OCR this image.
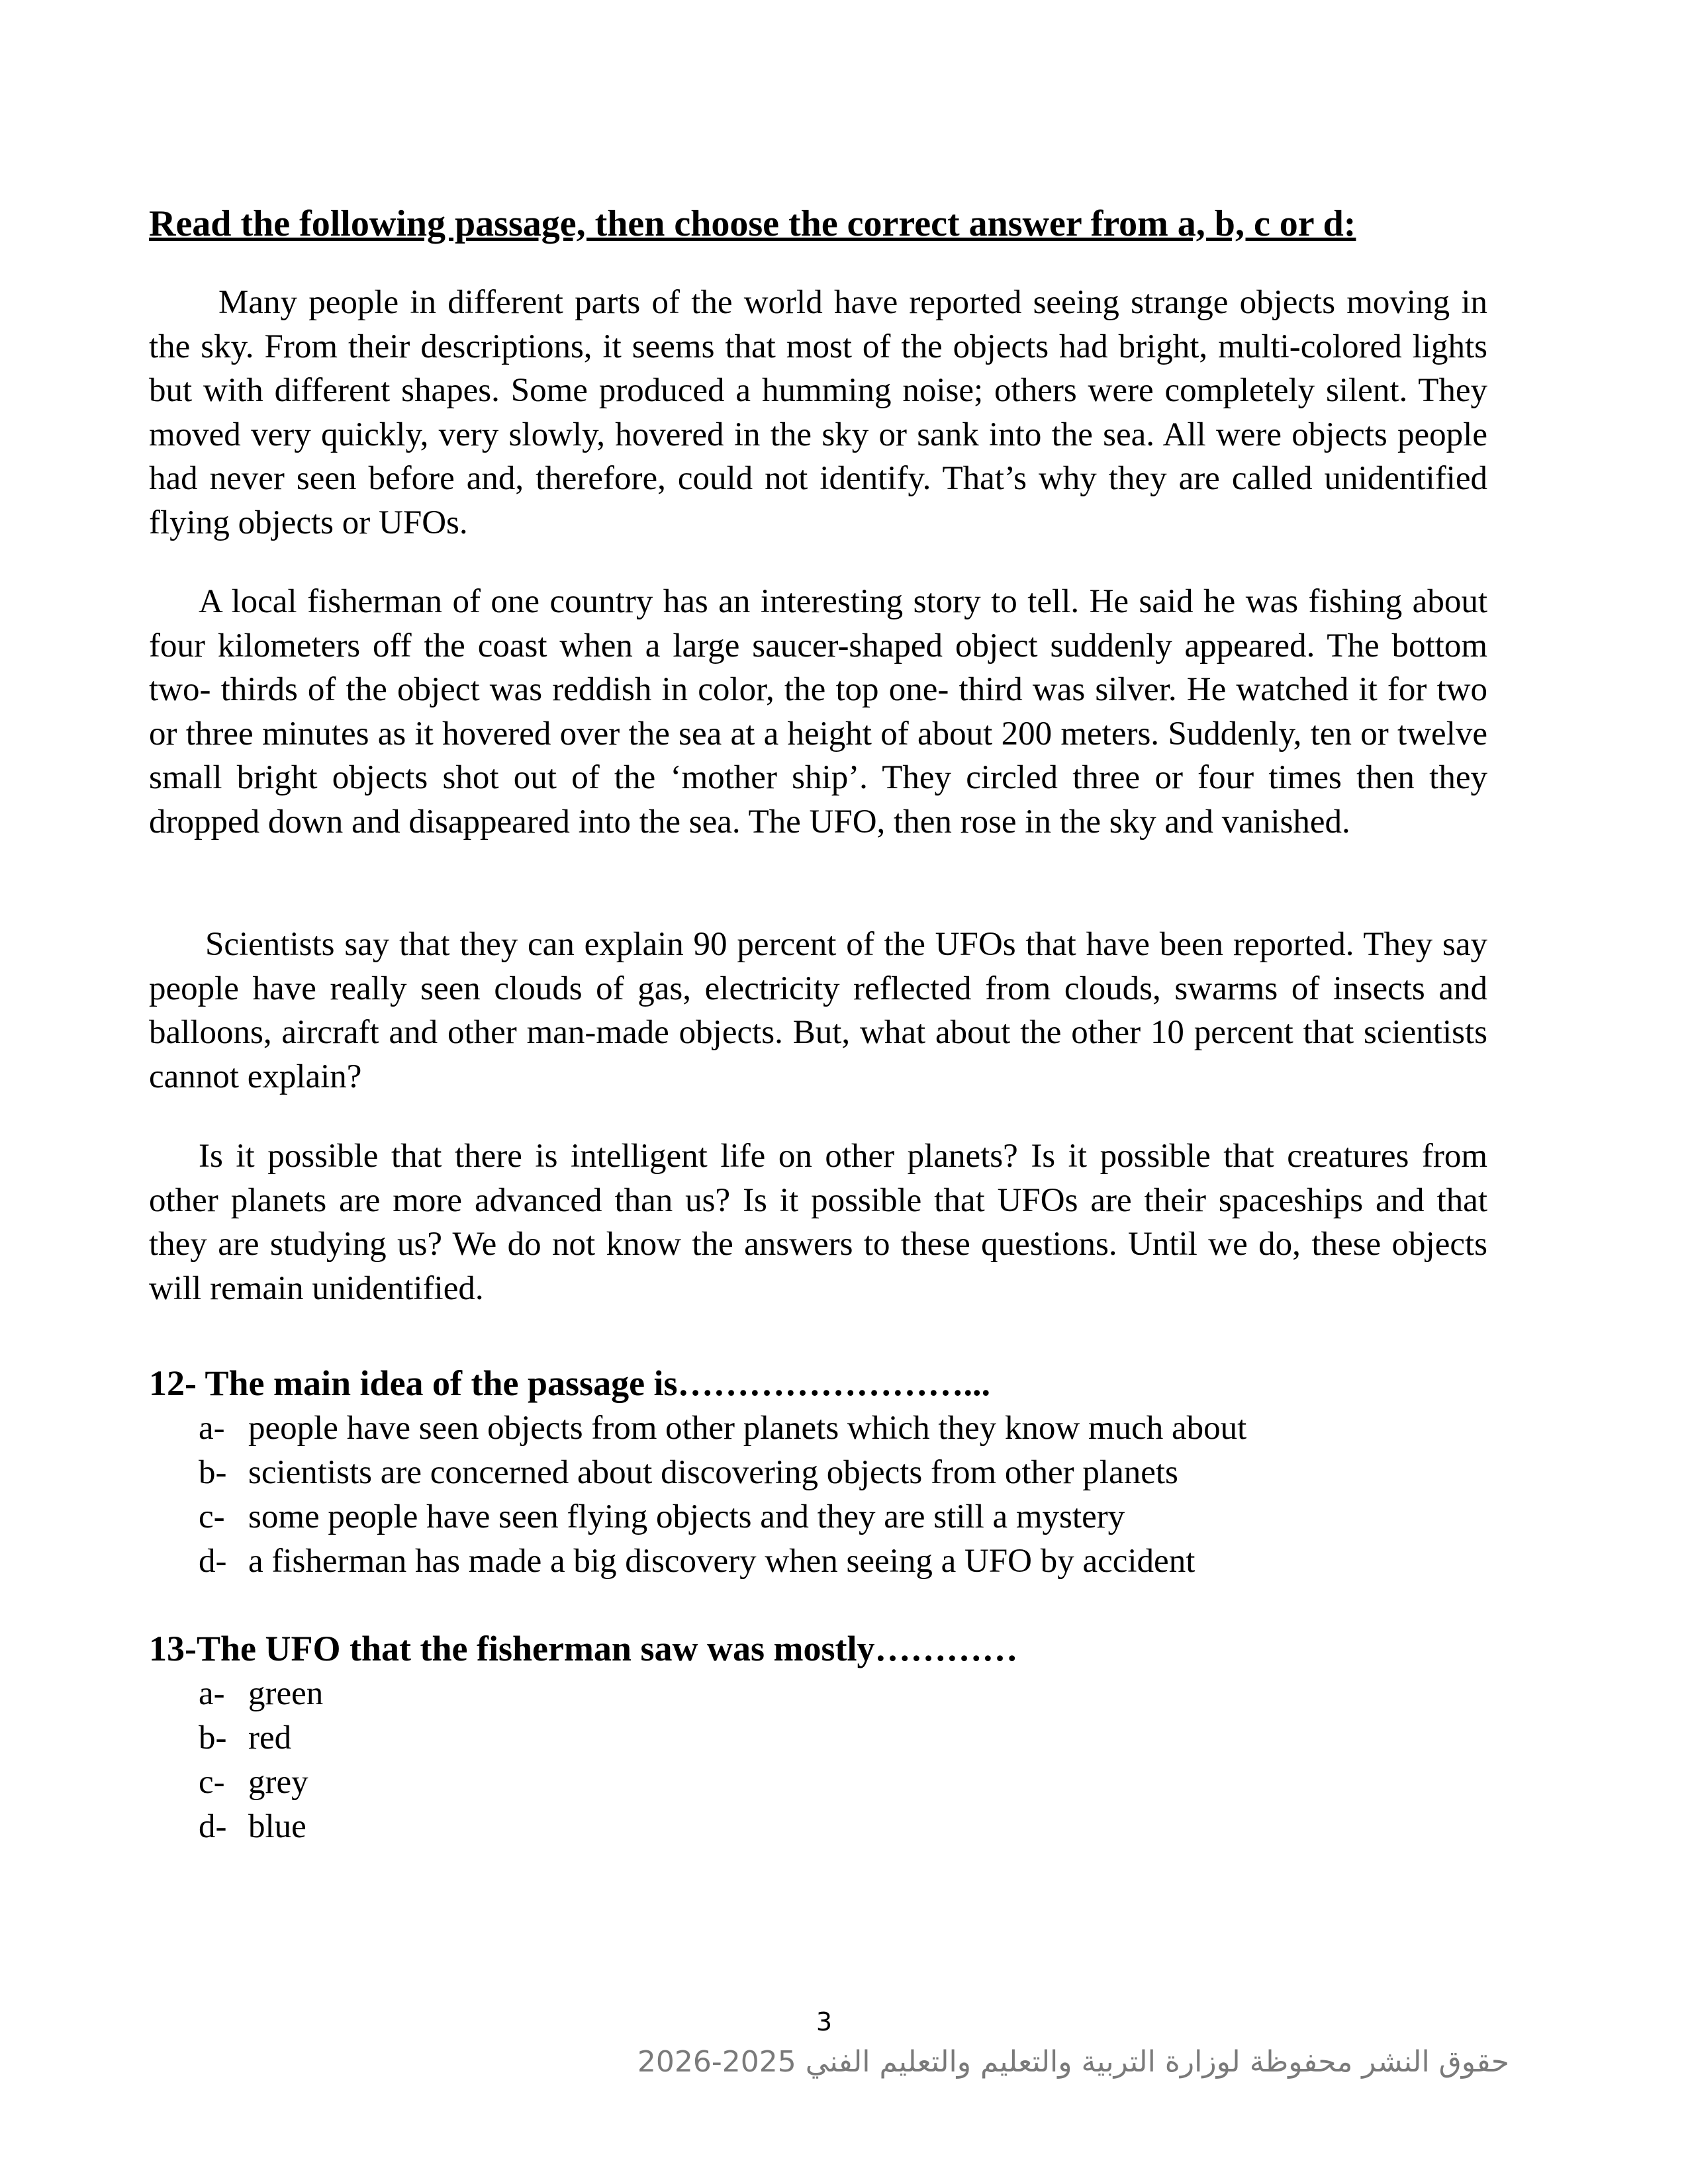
Read the following passage, then choose the correct answer from a, b, c or d:

Many people in different parts of the world have reported seeing strange objects moving in the sky. From their descriptions, it seems that most of the objects had bright, multi-colored lights but with different shapes. Some produced a humming noise; others were completely silent. They moved very quickly, very slowly, hovered in the sky or sank into the sea. All were objects people had never seen before and, therefore, could not identify. That’s why they are called unidentified flying objects or UFOs.

A local fisherman of one country has an interesting story to tell. He said he was fishing about four kilometers off the coast when a large saucer-shaped object suddenly appeared. The bottom two- thirds of the object was reddish in color, the top one- third was silver. He watched it for two or three minutes as it hovered over the sea at a height of about 200 meters. Suddenly, ten or twelve small bright objects shot out of the ‘mother ship’. They circled three or four times then they dropped down and disappeared into the sea. The UFO, then rose in the sky and vanished.

Scientists say that they can explain 90 percent of the UFOs that have been reported. They say people have really seen clouds of gas, electricity reflected from clouds, swarms of insects and balloons, aircraft and other man-made objects. But, what about the other 10 percent that scientists cannot explain?

Is it possible that there is intelligent life on other planets? Is it possible that creatures from other planets are more advanced than us? Is it possible that UFOs are their spaceships and that they are studying us? We do not know the answers to these questions. Until we do, these objects will remain unidentified.

12- The main idea of the passage is……………………...
a- people have seen objects from other planets which they know much about
b- scientists are concerned about discovering objects from other planets
c- some people have seen flying objects and they are still a mystery
d- a fisherman has made a big discovery when seeing a UFO by accident
13-The UFO that the fisherman saw was mostly…………
a- green
b- red
c- grey
d- blue
3
حقوق النشر محفوظة لوزارة التربية والتعليم والتعليم الفني 2025-2026
